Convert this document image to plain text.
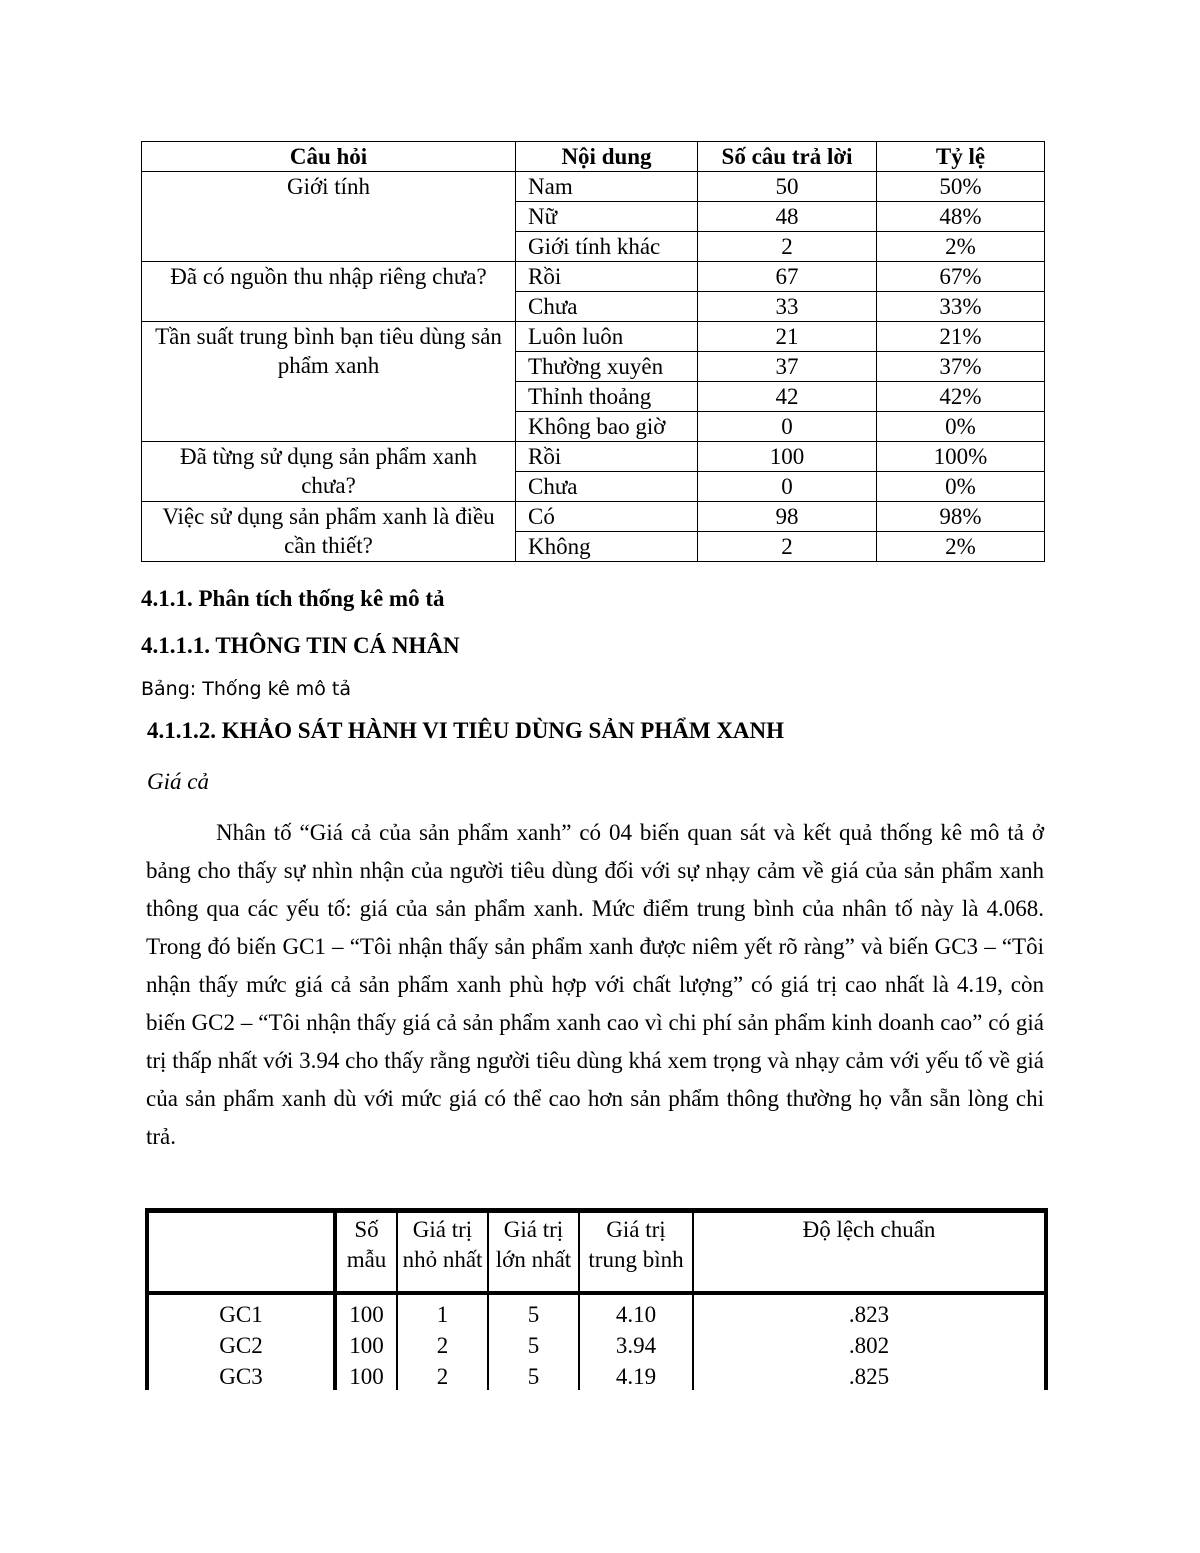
Câu hỏi	Nội dung	Số câu trả lời	Tỷ lệ
Giới tính	Nam	50	50%
	Nữ	48	48%
	Giới tính khác	2	2%
Đã có nguồn thu nhập riêng chưa?	Rồi	67	67%
	Chưa	33	33%
Tần suất trung bình bạn tiêu dùng sản phẩm xanh	Luôn luôn	21	21%
	Thường xuyên	37	37%
	Thỉnh thoảng	42	42%
	Không bao giờ	0	0%
Đã từng sử dụng sản phẩm xanh chưa?	Rồi	100	100%
	Chưa	0	0%
Việc sử dụng sản phẩm xanh là điều cần thiết?	Có	98	98%
	Không	2	2%

4.1.1. Phân tích thống kê mô tả

4.1.1.1. THÔNG TIN CÁ NHÂN

Bảng: Thống kê mô tả

4.1.1.2. KHẢO SÁT HÀNH VI TIÊU DÙNG SẢN PHẨM XANH

Giá cả

Nhân tố “Giá cả của sản phẩm xanh” có 04 biến quan sát và kết quả thống kê mô tả ở bảng cho thấy sự nhìn nhận của người tiêu dùng đối với sự nhạy cảm về giá của sản phẩm xanh thông qua các yếu tố: giá của sản phẩm xanh. Mức điểm trung bình của nhân tố này là 4.068. Trong đó biến GC1 – “Tôi nhận thấy sản phẩm xanh được niêm yết rõ ràng” và biến GC3 – “Tôi nhận thấy mức giá cả sản phẩm xanh phù hợp với chất lượng” có giá trị cao nhất là 4.19, còn biến GC2 – “Tôi nhận thấy giá cả sản phẩm xanh cao vì chi phí sản phẩm kinh doanh cao” có giá trị thấp nhất với 3.94 cho thấy rằng người tiêu dùng khá xem trọng và nhạy cảm với yếu tố về giá của sản phẩm xanh dù với mức giá có thể cao hơn sản phẩm thông thường họ vẫn sẵn lòng chi trả.

	Số mẫu	Giá trị nhỏ nhất	Giá trị lớn nhất	Giá trị trung bình	Độ lệch chuẩn
GC1	100	1	5	4.10	.823
GC2	100	2	5	3.94	.802
GC3	100	2	5	4.19	.825
